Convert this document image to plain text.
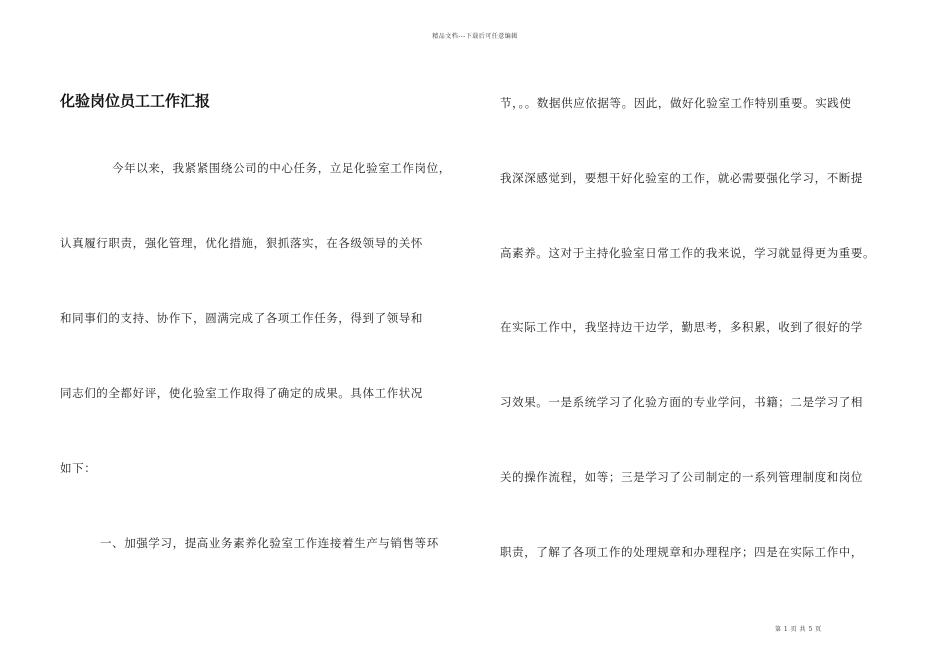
精品文档---下载后可任意编辑
化验岗位员工工作汇报
今年以来，我紧紧围绕公司的中心任务，立足化验室工作岗位，
认真履行职责，强化管理，优化措施，狠抓落实，在各级领导的关怀
和同事们的支持、协作下，圆满完成了各项工作任务，得到了领导和
同志们的全都好评，使化验室工作取得了确定的成果。具体工作状况
如下：
一、加强学习，提高业务素养化验室工作连接着生产与销售等环
节，。。数据供应依据等。因此，做好化验室工作特别重要。实践使
我深深感觉到，要想干好化验室的工作，就必需要强化学习，不断提
高素养。这对于主持化验室日常工作的我来说，学习就显得更为重要。
在实际工作中，我坚持边干边学，勤思考，多积累，收到了很好的学
习效果。一是系统学习了化验方面的专业学问，书籍；二是学习了相
关的操作流程，如等；三是学习了公司制定的一系列管理制度和岗位
职责，了解了各项工作的处理规章和办理程序；四是在实际工作中，
第 1 页 共 5 页
